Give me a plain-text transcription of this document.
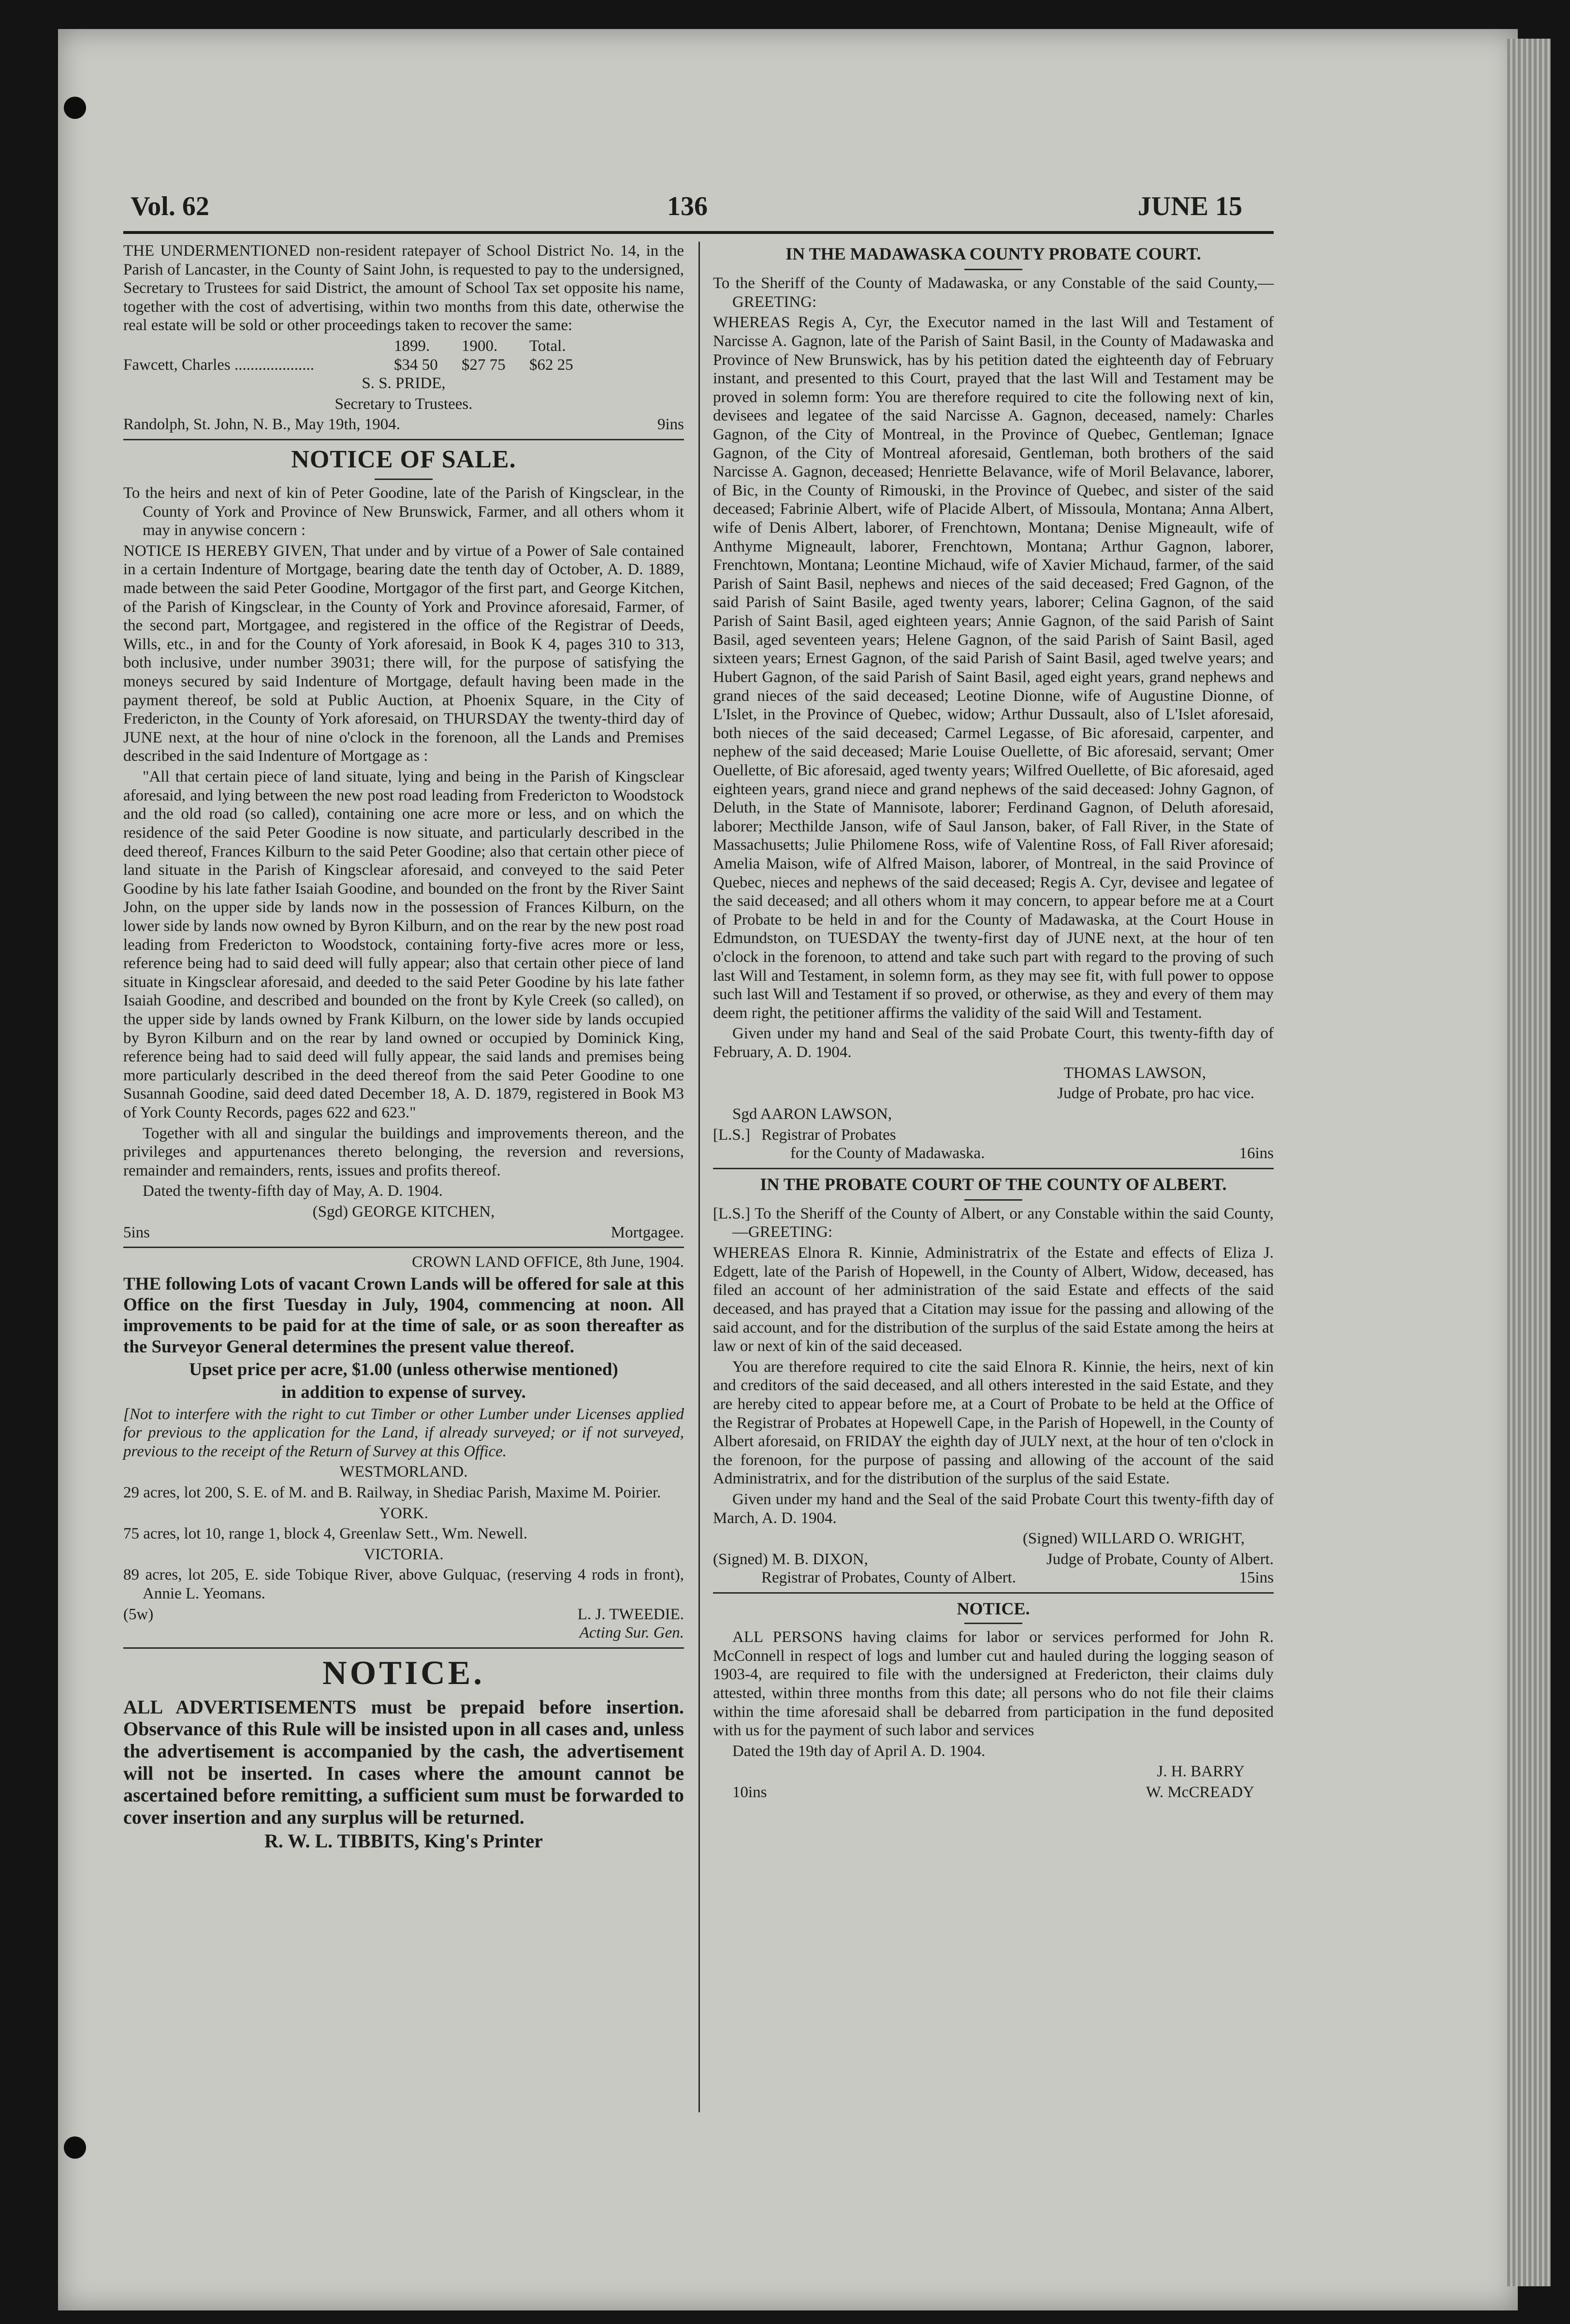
Vol. 62	136	JUNE 15

THE UNDERMENTIONED non-resident ratepayer of School District No. 14, in the Parish of Lancaster, in the County of Saint John, is requested to pay to the undersigned, Secretary to Trustees for said District, the amount of School Tax set opposite his name, together with the cost of advertising, within two months from this date, otherwise the real estate will be sold or other proceedings taken to recover the same:

1899.	1900.	Total.
Fawcett, Charles ....................	$34 50	$27 75	$62 25

S. S. PRIDE,

Secretary to Trustees.

Randolph, St. John, N. B., May 19th, 1904.	9ins
NOTICE OF SALE.

To the heirs and next of kin of Peter Goodine, late of the Parish of Kingsclear, in the County of York and Province of New Brunswick, Farmer, and all others whom it may in anywise concern :

NOTICE IS HEREBY GIVEN, That under and by virtue of a Power of Sale contained in a certain Indenture of Mortgage, bearing date the tenth day of October, A. D. 1889, made between the said Peter Goodine, Mortgagor of the first part, and George Kitchen, of the Parish of Kingsclear, in the County of York and Province aforesaid, Farmer, of the second part, Mortgagee, and registered in the office of the Registrar of Deeds, Wills, etc., in and for the County of York aforesaid, in Book K 4, pages 310 to 313, both inclusive, under number 39031; there will, for the purpose of satisfying the moneys secured by said Indenture of Mortgage, default having been made in the payment thereof, be sold at Public Auction, at Phoenix Square, in the City of Fredericton, in the County of York aforesaid, on THURSDAY the twenty-third day of JUNE next, at the hour of nine o'clock in the forenoon, all the Lands and Premises described in the said Indenture of Mortgage as :

"All that certain piece of land situate, lying and being in the Parish of Kingsclear aforesaid, and lying between the new post road leading from Fredericton to Woodstock and the old road (so called), containing one acre more or less, and on which the residence of the said Peter Goodine is now situate, and particularly described in the deed thereof, Frances Kilburn to the said Peter Goodine; also that certain other piece of land situate in the Parish of Kingsclear aforesaid, and conveyed to the said Peter Goodine by his late father Isaiah Goodine, and bounded on the front by the River Saint John, on the upper side by lands now in the possession of Frances Kilburn, on the lower side by lands now owned by Byron Kilburn, and on the rear by the new post road leading from Fredericton to Woodstock, containing forty-five acres more or less, reference being had to said deed will fully appear; also that certain other piece of land situate in Kingsclear aforesaid, and deeded to the said Peter Goodine by his late father Isaiah Goodine, and described and bounded on the front by Kyle Creek (so called), on the upper side by lands owned by Frank Kilburn, on the lower side by lands occupied by Byron Kilburn and on the rear by land owned or occupied by Dominick King, reference being had to said deed will fully appear, the said lands and premises being more particularly described in the deed thereof from the said Peter Goodine to one Susannah Goodine, said deed dated December 18, A. D. 1879, registered in Book M3 of York County Records, pages 622 and 623."

Together with all and singular the buildings and improvements thereon, and the privileges and appurtenances thereto belonging, the reversion and reversions, remainder and remainders, rents, issues and profits thereof.

Dated the twenty-fifth day of May, A. D. 1904.

(Sgd) GEORGE KITCHEN,

5ins	Mortgagee.

CROWN LAND OFFICE, 8th June, 1904.

THE following Lots of vacant Crown Lands will be offered for sale at this Office on the first Tuesday in July, 1904, commencing at noon. All improvements to be paid for at the time of sale, or as soon thereafter as the Surveyor General determines the present value thereof.

Upset price per acre, $1.00 (unless otherwise mentioned)

in addition to expense of survey.

[Not to interfere with the right to cut Timber or other Lumber under Licenses applied for previous to the application for the Land, if already surveyed; or if not surveyed, previous to the receipt of the Return of Survey at this Office.

WESTMORLAND.

29 acres, lot 200, S. E. of M. and B. Railway, in Shediac Parish, Maxime M. Poirier.

YORK.

75 acres, lot 10, range 1, block 4, Greenlaw Sett., Wm. Newell.

VICTORIA.

89 acres, lot 205, E. side Tobique River, above Gulquac, (reserving 4 rods in front), Annie L. Yeomans.

(5w)	L. J. TWEEDIE.

Acting Sur. Gen.

NOTICE.

ALL ADVERTISEMENTS must be prepaid before insertion. Observance of this Rule will be insisted upon in all cases and, unless the advertisement is accompanied by the cash, the advertisement will not be inserted. In cases where the amount cannot be ascertained before remitting, a sufficient sum must be forwarded to cover insertion and any surplus will be returned.

R. W. L. TIBBITS, King's Printer

IN THE MADAWASKA COUNTY PROBATE COURT.

To the Sheriff of the County of Madawaska, or any Constable of the said County,—GREETING:

WHEREAS Regis A, Cyr, the Executor named in the last Will and Testament of Narcisse A. Gagnon, late of the Parish of Saint Basil, in the County of Madawaska and Province of New Brunswick, has by his petition dated the eighteenth day of February instant, and presented to this Court, prayed that the last Will and Testament may be proved in solemn form: You are therefore required to cite the following next of kin, devisees and legatee of the said Narcisse A. Gagnon, deceased, namely: Charles Gagnon, of the City of Montreal, in the Province of Quebec, Gentleman; Ignace Gagnon, of the City of Montreal aforesaid, Gentleman, both brothers of the said Narcisse A. Gagnon, deceased; Henriette Belavance, wife of Moril Belavance, laborer, of Bic, in the County of Rimouski, in the Province of Quebec, and sister of the said deceased; Fabrinie Albert, wife of Placide Albert, of Missoula, Montana; Anna Albert, wife of Denis Albert, laborer, of Frenchtown, Montana; Denise Migneault, wife of Anthyme Migneault, laborer, Frenchtown, Montana; Arthur Gagnon, laborer, Frenchtown, Montana; Leontine Michaud, wife of Xavier Michaud, farmer, of the said Parish of Saint Basil, nephews and nieces of the said deceased; Fred Gagnon, of the said Parish of Saint Basile, aged twenty years, laborer; Celina Gagnon, of the said Parish of Saint Basil, aged eighteen years; Annie Gagnon, of the said Parish of Saint Basil, aged seventeen years; Helene Gagnon, of the said Parish of Saint Basil, aged sixteen years; Ernest Gagnon, of the said Parish of Saint Basil, aged twelve years; and Hubert Gagnon, of the said Parish of Saint Basil, aged eight years, grand nephews and grand nieces of the said deceased; Leotine Dionne, wife of Augustine Dionne, of L'Islet, in the Province of Quebec, widow; Arthur Dussault, also of L'Islet aforesaid, both nieces of the said deceased; Carmel Legasse, of Bic aforesaid, carpenter, and nephew of the said deceased; Marie Louise Ouellette, of Bic aforesaid, servant; Omer Ouellette, of Bic aforesaid, aged twenty years; Wilfred Ouellette, of Bic aforesaid, aged eighteen years, grand niece and grand nephews of the said deceased: Johny Gagnon, of Deluth, in the State of Mannisote, laborer; Ferdinand Gagnon, of Deluth aforesaid, laborer; Mecthilde Janson, wife of Saul Janson, baker, of Fall River, in the State of Massachusetts; Julie Philomene Ross, wife of Valentine Ross, of Fall River aforesaid; Amelia Maison, wife of Alfred Maison, laborer, of Montreal, in the said Province of Quebec, nieces and nephews of the said deceased; Regis A. Cyr, devisee and legatee of the said deceased; and all others whom it may concern, to appear before me at a Court of Probate to be held in and for the County of Madawaska, at the Court House in Edmundston, on TUESDAY the twenty-first day of JUNE next, at the hour of ten o'clock in the forenoon, to attend and take such part with regard to the proving of such last Will and Testament, in solemn form, as they may see fit, with full power to oppose such last Will and Testament if so proved, or otherwise, as they and every of them may deem right, the petitioner affirms the validity of the said Will and Testament.

Given under my hand and Seal of the said Probate Court, this twenty-fifth day of February, A. D. 1904.

THOMAS LAWSON,

Judge of Probate, pro hac vice.

Sgd AARON LAWSON,

[L.S.] Registrar of Probates
for the County of Madawaska.	16ins
IN THE PROBATE COURT OF THE COUNTY OF ALBERT.

[L.S.] To the Sheriff of the County of Albert, or any Constable within the said County,—GREETING:

WHEREAS Elnora R. Kinnie, Administratrix of the Estate and effects of Eliza J. Edgett, late of the Parish of Hopewell, in the County of Albert, Widow, deceased, has filed an account of her administration of the said Estate and effects of the said deceased, and has prayed that a Citation may issue for the passing and allowing of the said account, and for the distribution of the surplus of the said Estate among the heirs at law or next of kin of the said deceased.

You are therefore required to cite the said Elnora R. Kinnie, the heirs, next of kin and creditors of the said deceased, and all others interested in the said Estate, and they are hereby cited to appear before me, at a Court of Probate to be held at the Office of the Registrar of Probates at Hopewell Cape, in the Parish of Hopewell, in the County of Albert aforesaid, on FRIDAY the eighth day of JULY next, at the hour of ten o'clock in the forenoon, for the purpose of passing and allowing of the account of the said Administratrix, and for the distribution of the surplus of the said Estate.

Given under my hand and the Seal of the said Probate Court this twenty-fifth day of March, A. D. 1904.

(Signed) WILLARD O. WRIGHT,

(Signed) M. B. DIXON,	Judge of Probate, County of Albert.
Registrar of Probates, County of Albert.	15ins
NOTICE.

ALL PERSONS having claims for labor or services performed for John R. McConnell in respect of logs and lumber cut and hauled during the logging season of 1903-4, are required to file with the undersigned at Fredericton, their claims duly attested, within three months from this date; all persons who do not file their claims within the time aforesaid shall be debarred from participation in the fund deposited with us for the payment of such labor and services

Dated the 19th day of April A. D. 1904.

J. H. BARRY

10ins	W. McCREADY
